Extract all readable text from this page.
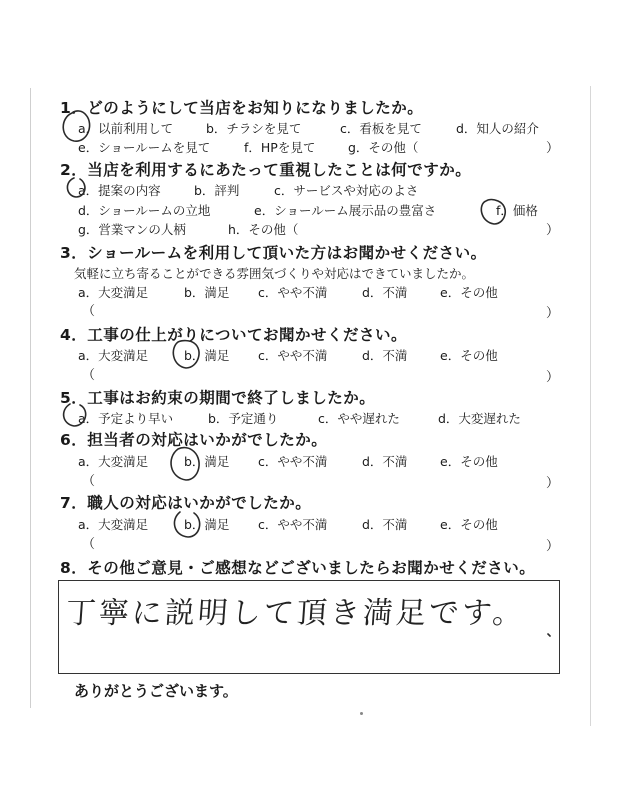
1．どのようにして当店をお知りになりましたか。
a．以前利用して	b．チラシを見て	c．看板を見て	d．知人の紹介
e．ショールームを見て	f．HPを見て	g．その他（	）
2．当店を利用するにあたって重視したことは何ですか。
a．提案の内容	b．評判	c．サービスや対応のよさ
d．ショールームの立地	e．ショールーム展示品の豊富さ	f．価格
g．営業マンの人柄	h．その他（	）
3．ショールームを利用して頂いた方はお聞かせください。
気軽に立ち寄ることができる雰囲気づくりや対応はできていましたか。
a．大変満足	b．満足 c．やや不満	d．不満	e．その他
（	）
4．工事の仕上がりについてお聞かせください。
a．大変満足	b．満足 c．やや不満	d．不満	e．その他
（	）
5．工事はお約束の期間で終了しましたか。
a．予定より早い	b．予定通り	c．やや遅れた	d．大変遅れた
6．担当者の対応はいかがでしたか。
a．大変満足	b．満足 c．やや不満	d．不満	e．その他
（	）
7．職人の対応はいかがでしたか。
a．大変満足	b．満足 c．やや不満	d．不満	e．その他
（	）
8．その他ご意見・ご感想などございましたらお聞かせください。
丁寧に説明して頂き満足です。
ありがとうございます。
